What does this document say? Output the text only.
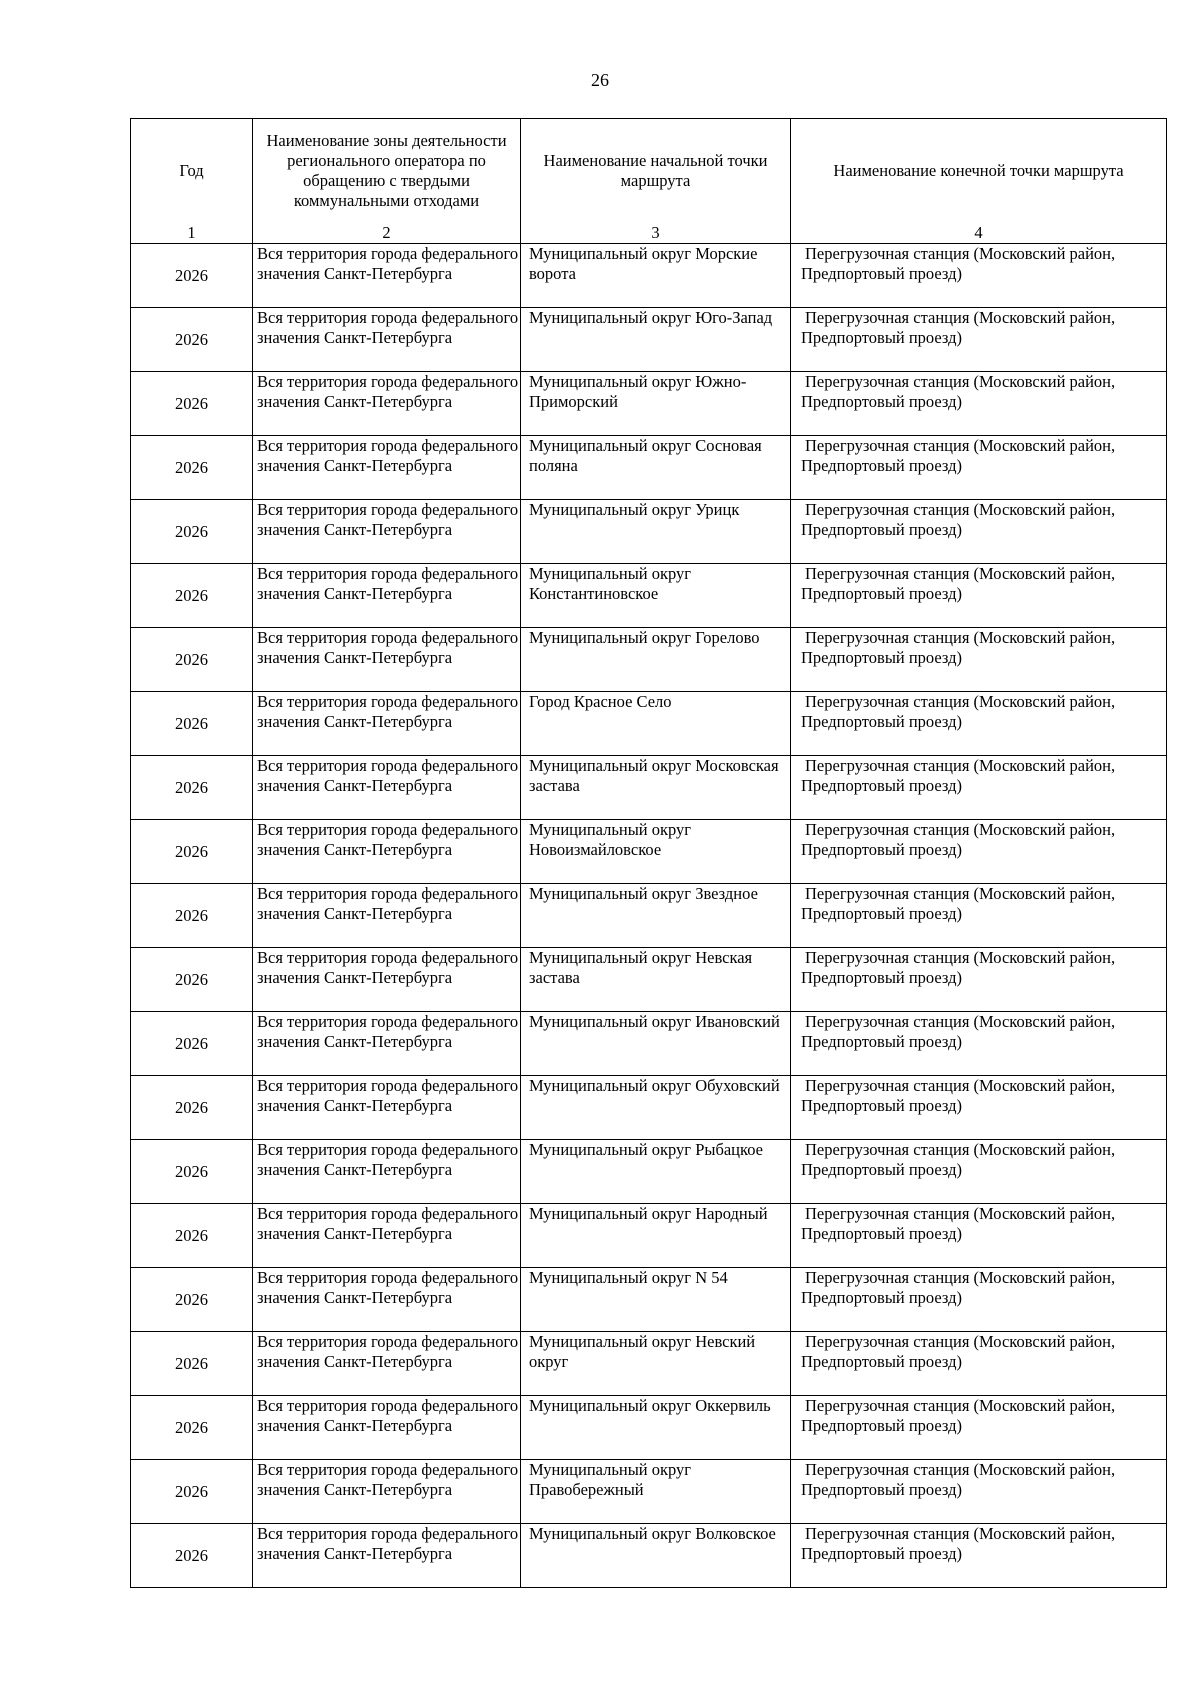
26
Год	Наименование зоны деятельности регионального оператора по обращению с твердыми коммунальными отходами	Наименование начальной точки маршрута	Наименование конечной точки маршрута
1	2	3	4
2026	Вся территория города федерального значения Санкт-Петербурга	Муниципальный округ Морские ворота	Перегрузочная станция (Московский район, Предпортовый проезд)
2026	Вся территория города федерального значения Санкт-Петербурга	Муниципальный округ Юго-Запад	Перегрузочная станция (Московский район, Предпортовый проезд)
2026	Вся территория города федерального значения Санкт-Петербурга	Муниципальный округ Южно-Приморский	Перегрузочная станция (Московский район, Предпортовый проезд)
2026	Вся территория города федерального значения Санкт-Петербурга	Муниципальный округ Сосновая поляна	Перегрузочная станция (Московский район, Предпортовый проезд)
2026	Вся территория города федерального значения Санкт-Петербурга	Муниципальный округ Урицк	Перегрузочная станция (Московский район, Предпортовый проезд)
2026	Вся территория города федерального значения Санкт-Петербурга	Муниципальный округ Константиновское	Перегрузочная станция (Московский район, Предпортовый проезд)
2026	Вся территория города федерального значения Санкт-Петербурга	Муниципальный округ Горелово	Перегрузочная станция (Московский район, Предпортовый проезд)
2026	Вся территория города федерального значения Санкт-Петербурга	Город Красное Село	Перегрузочная станция (Московский район, Предпортовый проезд)
2026	Вся территория города федерального значения Санкт-Петербурга	Муниципальный округ Московская застава	Перегрузочная станция (Московский район, Предпортовый проезд)
2026	Вся территория города федерального значения Санкт-Петербурга	Муниципальный округ Новоизмайловское	Перегрузочная станция (Московский район, Предпортовый проезд)
2026	Вся территория города федерального значения Санкт-Петербурга	Муниципальный округ Звездное	Перегрузочная станция (Московский район, Предпортовый проезд)
2026	Вся территория города федерального значения Санкт-Петербурга	Муниципальный округ Невская застава	Перегрузочная станция (Московский район, Предпортовый проезд)
2026	Вся территория города федерального значения Санкт-Петербурга	Муниципальный округ Ивановский	Перегрузочная станция (Московский район, Предпортовый проезд)
2026	Вся территория города федерального значения Санкт-Петербурга	Муниципальный округ Обуховский	Перегрузочная станция (Московский район, Предпортовый проезд)
2026	Вся территория города федерального значения Санкт-Петербурга	Муниципальный округ Рыбацкое	Перегрузочная станция (Московский район, Предпортовый проезд)
2026	Вся территория города федерального значения Санкт-Петербурга	Муниципальный округ Народный	Перегрузочная станция (Московский район, Предпортовый проезд)
2026	Вся территория города федерального значения Санкт-Петербурга	Муниципальный округ N 54	Перегрузочная станция (Московский район, Предпортовый проезд)
2026	Вся территория города федерального значения Санкт-Петербурга	Муниципальный округ Невский округ	Перегрузочная станция (Московский район, Предпортовый проезд)
2026	Вся территория города федерального значения Санкт-Петербурга	Муниципальный округ Оккервиль	Перегрузочная станция (Московский район, Предпортовый проезд)
2026	Вся территория города федерального значения Санкт-Петербурга	Муниципальный округ Правобережный	Перегрузочная станция (Московский район, Предпортовый проезд)
2026	Вся территория города федерального значения Санкт-Петербурга	Муниципальный округ Волковское	Перегрузочная станция (Московский район, Предпортовый проезд)
